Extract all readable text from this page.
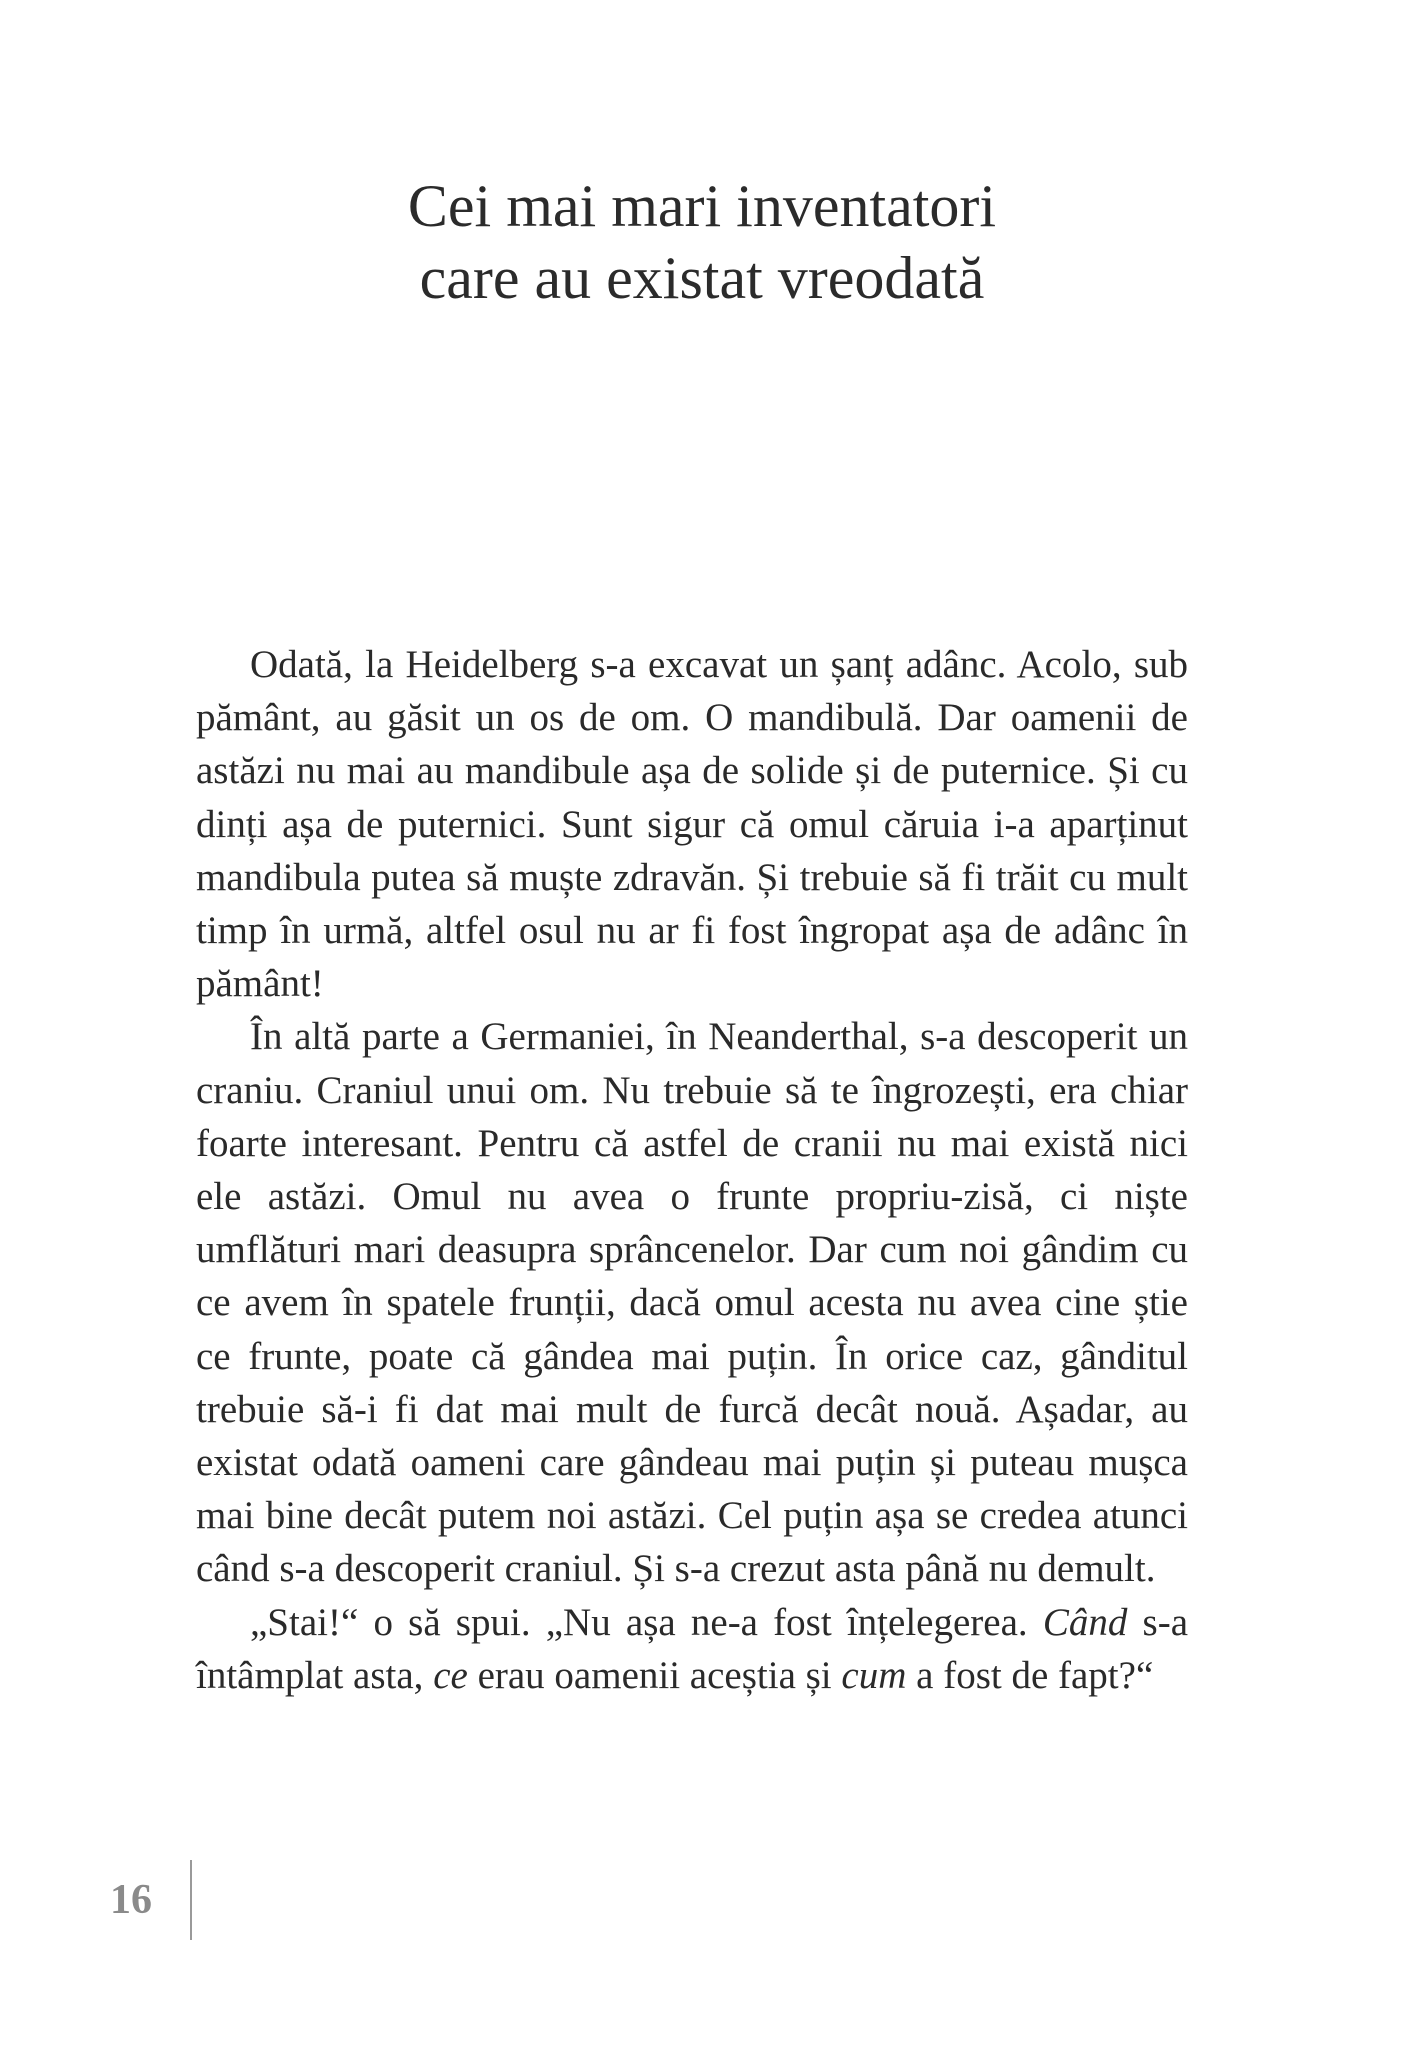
Cei mai mari inventatori
care au existat vreodată

Odată, la Heidelberg s-a excavat un șanț adânc. Acolo, sub pământ, au găsit un os de om. O mandibulă. Dar oamenii de astăzi nu mai au mandibule așa de solide și de puternice. Și cu dinți așa de puternici. Sunt sigur că omul căruia i-a aparținut mandibula putea să muște zdravăn. Și trebuie să fi trăit cu mult timp în urmă, altfel osul nu ar fi fost îngropat așa de adânc în pământ!

În altă parte a Germaniei, în Neanderthal, s-a descoperit un craniu. Craniul unui om. Nu trebuie să te îngrozești, era chiar foarte interesant. Pentru că astfel de cranii nu mai există nici ele astăzi. Omul nu avea o frunte propriu-zisă, ci niște umflături mari deasupra sprâncenelor. Dar cum noi gândim cu ce avem în spatele frunții, dacă omul acesta nu avea cine știe ce frunte, poate că gândea mai puțin. În orice caz, gânditul trebuie să-i fi dat mai mult de furcă decât nouă. Așadar, au existat odată oameni care gândeau mai puțin și puteau mușca mai bine decât putem noi astăzi. Cel puțin așa se credea atunci când s-a descoperit craniul. Și s-a crezut asta până nu demult.

„Stai!“ o să spui. „Nu așa ne-a fost înțelegerea. Când s-a întâmplat asta, ce erau oamenii aceștia și cum a fost de fapt?“

16
